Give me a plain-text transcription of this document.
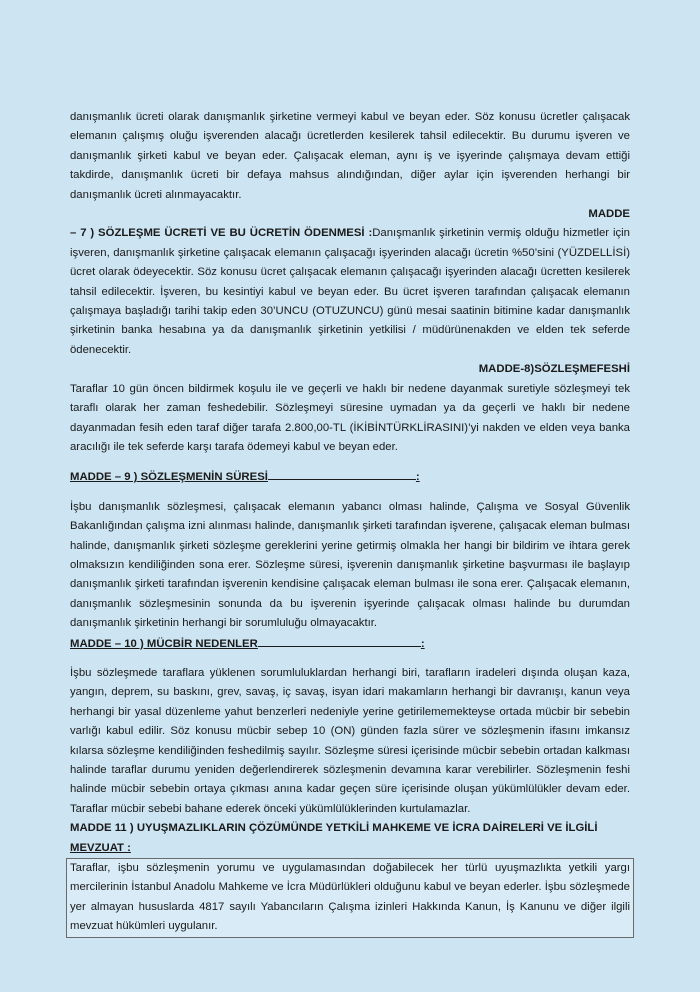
danışmanlık ücreti olarak danışmanlık şirketine vermeyi kabul ve beyan eder. Söz konusu ücretler çalışacak elemanın çalışmış oluğu işverenden alacağı ücretlerden kesilerek tahsil edilecektir. Bu durumu işveren ve danışmanlık şirketi kabul ve beyan eder. Çalışacak eleman, aynı iş ve işyerinde çalışmaya devam ettiği takdirde, danışmanlık ücreti bir defaya mahsus alındığından, diğer aylar için işverenden herhangi bir danışmanlık ücreti alınmayacaktır.
MADDE

– 7 ) SÖZLEŞME ÜCRETİ VE BU ÜCRETİN ÖDENMESİ :Danışmanlık şirketinin vermiş olduğu hizmetler için işveren, danışmanlık şirketine çalışacak elemanın çalışacağı işyerinden alacağı ücretin %50’sini (YÜZDELLİSİ) ücret olarak ödeyecektir. Söz konusu ücret çalışacak elemanın çalışacağı işyerinden alacağı ücretten kesilerek tahsil edilecektir. İşveren, bu kesintiyi kabul ve beyan eder. Bu ücret işveren tarafından çalışacak elemanın çalışmaya başladığı tarihi takip eden 30’UNCU (OTUZUNCU) günü mesai saatinin bitimine kadar danışmanlık şirketinin banka hesabına ya da danışmanlık şirketinin yetkilisi / müdürünenakden ve elden tek seferde ödenecektir.
MADDE-8)SÖZLEŞMEFESHİ

Taraflar 10 gün öncen bildirmek koşulu ile ve geçerli ve haklı bir nedene dayanmak suretiyle sözleşmeyi tek taraflı olarak her zaman feshedebilir. Sözleşmeyi süresine uymadan ya da geçerli ve haklı bir nedene dayanmadan fesih eden taraf diğer tarafa 2.800,00-TL (İKİBİNTÜRKLİRASINI)’yi nakden ve elden veya banka aracılığı ile tek seferde karşı tarafa ödemeyi kabul ve beyan eder.

MADDE – 9 ) SÖZLEŞMENİN SÜRESİ	:

İşbu danışmanlık sözleşmesi, çalışacak elemanın yabancı olması halinde, Çalışma ve Sosyal Güvenlik Bakanlığından çalışma izni alınması halinde, danışmanlık şirketi tarafından işverene, çalışacak eleman bulması halinde, danışmanlık şirketi sözleşme gereklerini yerine getirmiş olmakla her hangi bir bildirim ve ihtara gerek olmaksızın kendiliğinden sona erer. Sözleşme süresi, işverenin danışmanlık şirketine başvurması ile başlayıp danışmanlık şirketi tarafından işverenin kendisine çalışacak eleman bulması ile sona erer. Çalışacak elemanın, danışmanlık sözleşmesinin sonunda da bu işverenin işyerinde çalışacak olması halinde bu durumdan danışmanlık şirketinin herhangi bir sorumluluğu olmayacaktır.

MADDE – 10 ) MÜCBİR NEDENLER	:

İşbu sözleşmede taraflara yüklenen sorumluluklardan herhangi biri, tarafların iradeleri dışında oluşan kaza, yangın, deprem, su baskını, grev, savaş, iç savaş, isyan idari makamların herhangi bir davranışı, kanun veya herhangi bir yasal düzenleme yahut benzerleri nedeniyle yerine getirilememekteyse ortada mücbir bir sebebin varlığı kabul edilir. Söz konusu mücbir sebep 10 (ON) günden fazla sürer ve sözleşmenin ifasını imkansız kılarsa sözleşme kendiliğinden feshedilmiş sayılır. Sözleşme süresi içerisinde mücbir sebebin ortadan kalkması halinde taraflar durumu yeniden değerlendirerek sözleşmenin devamına karar verebilirler. Sözleşmenin feshi halinde mücbir sebebin ortaya çıkması anına kadar geçen süre içerisinde oluşan yükümlülükler devam eder. Taraflar mücbir sebebi bahane ederek önceki yükümlülüklerinden kurtulamazlar.

MADDE 11 ) UYUŞMAZLIKLARIN ÇÖZÜMÜNDE YETKİLİ MAHKEME VE İCRA DAİRELERİ VE İLGİLİ
MEVZUAT :

Taraflar, işbu sözleşmenin yorumu ve uygulamasından doğabilecek her türlü uyuşmazlıkta yetkili yargı mercilerinin İstanbul Anadolu Mahkeme ve İcra Müdürlükleri olduğunu kabul ve beyan ederler. İşbu sözleşmede yer almayan hususlarda 4817 sayılı Yabancıların Çalışma izinleri Hakkında Kanun, İş Kanunu ve diğer ilgili mevzuat hükümleri uygulanır.
